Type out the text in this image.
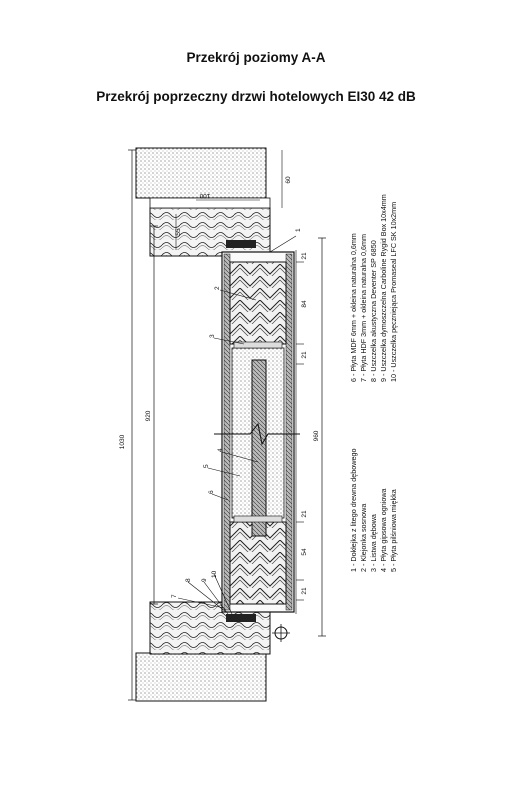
Przekrój poziomy A-A
Przekrój poprzeczny drzwi hotelowych EI30 42 dB
1030
920
960
60
100
55
84
54
21
21
21
21
1
2
3
4
5
6
7
8 9
10
1 - Dokłejka z litego drewna dębowego 2 - Klejonka sosnowa 3 - Listwa dębowa 4 - Płyta gipsowa ogniowa 5 - Płyta pilśniowa miękka
6 - Płyta MDF 6mm + okleina naturalna 0,6mm 7 - Płyta HDF 3mm + okleina naturalna 0,6mm 8 - Uszczelka akustyczna Deventer SP 6850 9 - Uszczelka dymoszczelna Carboline Rygid Box 10x4mm 10 - Uszczelka pęczniejąca Promaseal LFC SK 10x2mm
